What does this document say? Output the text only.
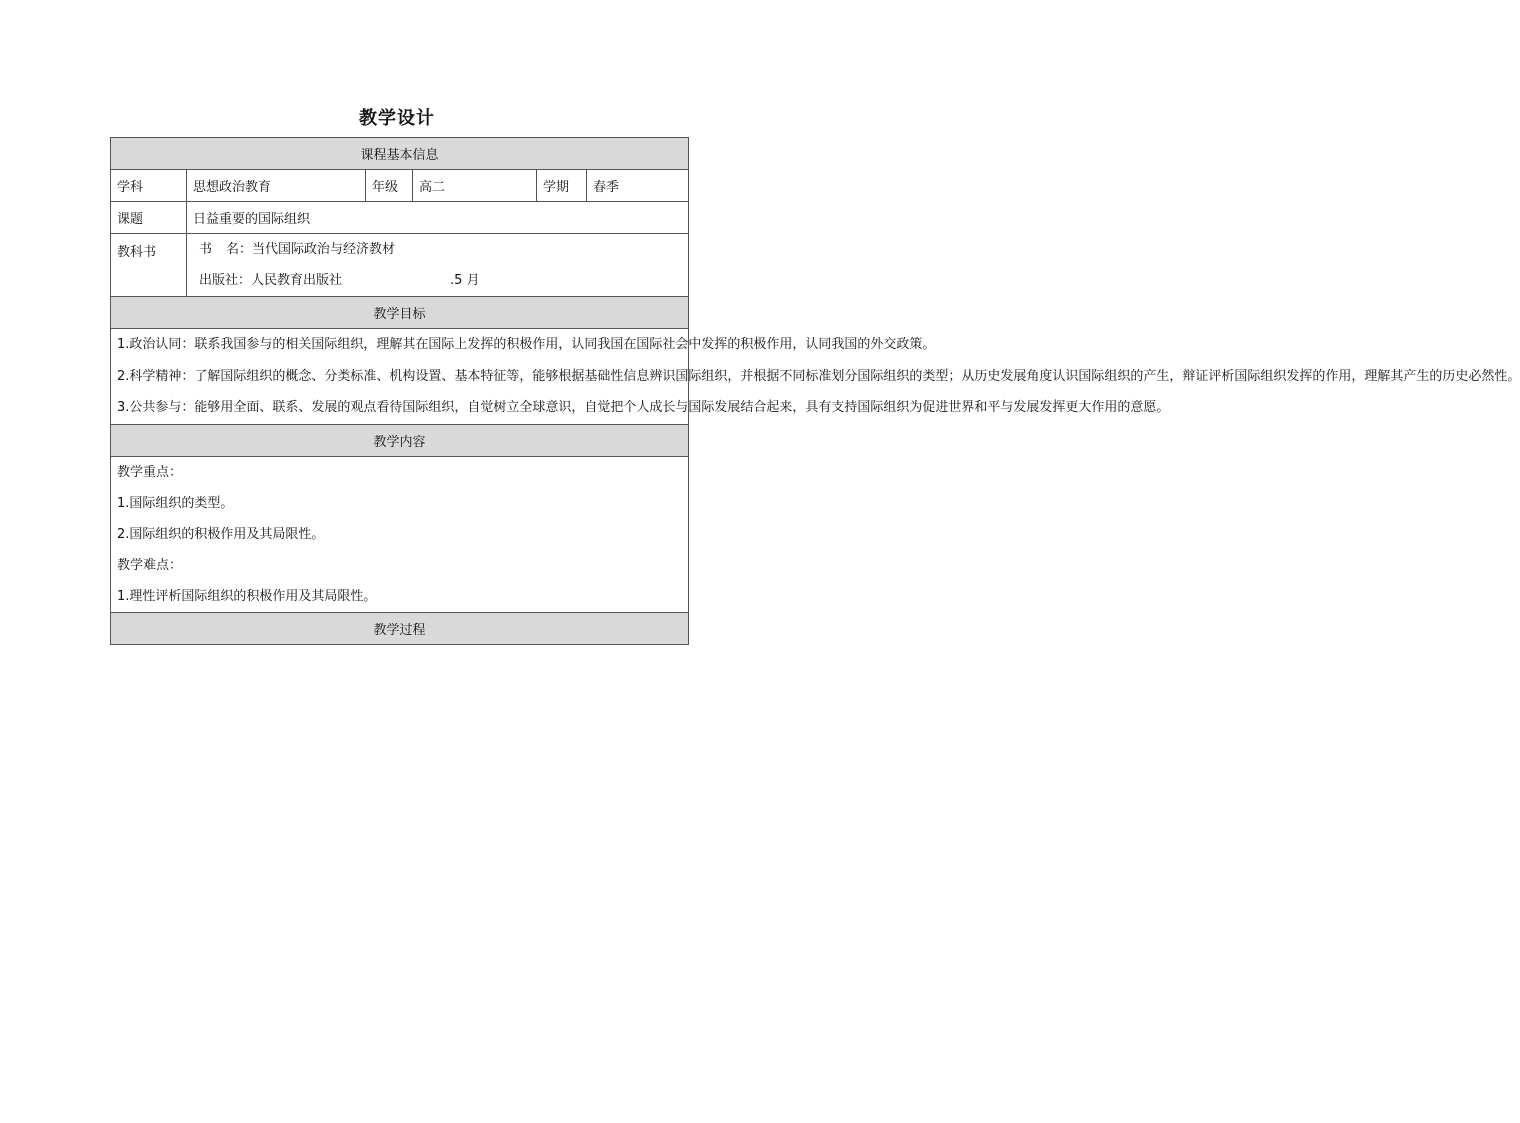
教学设计
课程基本信息					
学科	思想政治教育	年级	高二	学期	春季
课题	日益重要的国际组织				
教科书	书 名：当代国际政治与经济教材
出版社：人民教育出版社 .5 月				

教学目标					

1.政治认同：联系我国参与的相关国际组织，理解其在国际上发挥的积极作用，认同我国在国际社会中发挥的积极作用，认同我国的外交政策。
2.科学精神：了解国际组织的概念、分类标准、机构设置、基本特征等，能够根据基础性信息辨识国际组织，并根据不同标准划分国际组织的类型；从历史发展角度认识国际组织的产生，辩证评析国际组织发挥的作用，理解其产生的历史必然性。
3.公共参与：能够用全面、联系、发展的观点看待国际组织，自觉树立全球意识，自觉把个人成长与国际发展结合起来，具有支持国际组织为促进世界和平与发展发挥更大作用的意愿。					

教学内容					

教学重点：
1.国际组织的类型。
2.国际组织的积极作用及其局限性。
教学难点：
1.理性评析国际组织的积极作用及其局限性。					

教学过程					
